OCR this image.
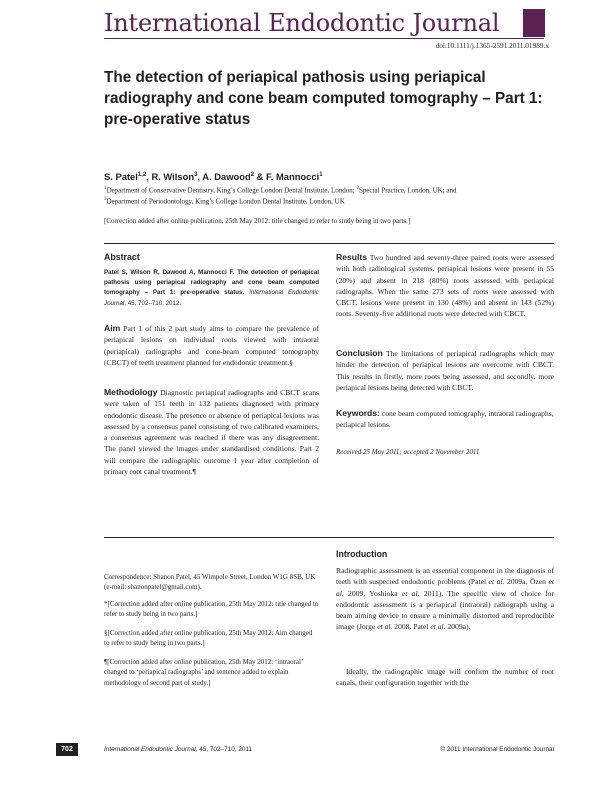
International Endodontic Journal
doi:10.1111/j.1365-2591.2011.01989.x
The detection of periapical pathosis using periapical radiography and cone beam computed tomography – Part 1: pre-operative status
S. Patel$^{1,2}$, R. Wilson$^3$, A. Dawood$^2$ & F. Mannocci$^1$
$^1$Department of Conservative Dentistry, King’s College London Dental Institute, London; $^2$Special Practice, London, UK; and
$^3$Department of Periodontology, King’s College London Dental Institute, London, UK
[Correction added after online publication, 25th May 2012: title changed to refer to study being in two parts.]
Abstract
Patel S, Wilson R, Dawood A, Mannocci F. The detection of periapical pathosis using periapical radiography and cone beam computed tomography – Part 1: pre-operative status. International Endodontic Journal, 45, 702–710, 2012.
Aim Part 1 of this 2 part study aims to compare the prevalence of periapical lesions on individual roots viewed with intraoral (periapical) radiographs and cone-beam computed tomography (CBCT) of teeth treatment planned for endodontic treatment.§
Methodology Diagnostic periapical radiographs and CBCT scans were taken of 151 teeth in 132 patients diagnosed with primary endodontic disease. The presence or absence of periapical lesions was assessed by a consensus panel consisting of two calibrated examiners, a consensus agreement was reached if there was any disagreement. The panel viewed the images under standardised conditions. Part 2 will compare the radiographic outcome 1 year after completion of primary root canal treatment.¶
Results Two hundred and seventy-three paired roots were assessed with both radiological systems, periapical lesions were present in 55 (20%) and absent in 218 (80%) roots assessed with periapical radiographs. When the same 273 sets of roots were assessed with CBCT, lesions were present in 130 (48%) and absent in 143 (52%) roots. Seventy-five additional roots were detected with CBCT.
Conclusion The limitations of periapical radiographs which may hinder the detection of periapical lesions are overcome with CBCT. This results in firstly, more roots being assessed, and secondly, more periapical lesions being detected with CBCT.
Keywords: cone beam computed tomography, intraoral radiographs, periapical lesions.
Received 25 May 2011; accepted 2 November 2011
Correspondence: Shanon Patel, 45 Wimpole Street, London W1G 8SB, UK (e-mail: shanonpatel@gmail.com).
*[Correction added after online publication, 25th May 2012: title changed to refer to study being in two parts.]
§[Correction added after online publication, 25th May 2012: Aim changed to refer to study being in two parts.]
¶[Correction added after online publication, 25th May 2012: ‘intraoral’ changed to ‘periapical radiographs’ and sentence added to explain methodology of second part of study.]
Introduction
Radiographic assessment is an essential component in the diagnosis of teeth with suspected endodontic problems (Patel et al. 2009a, Özen et al. 2009, Yoshioka et al. 2011). The specific view of choice for endodontic assessment is a periapical (intraoral) radiograph using a beam aiming device to ensure a minimally distorted and reproducible image (Jorge et al. 2008, Patel et al. 2009a).
Ideally, the radiographic image will confirm the number of root canals, their configuration together with the
702	International Endodontic Journal, 45, 702–710, 2011	© 2011 International Endodontic Journal
